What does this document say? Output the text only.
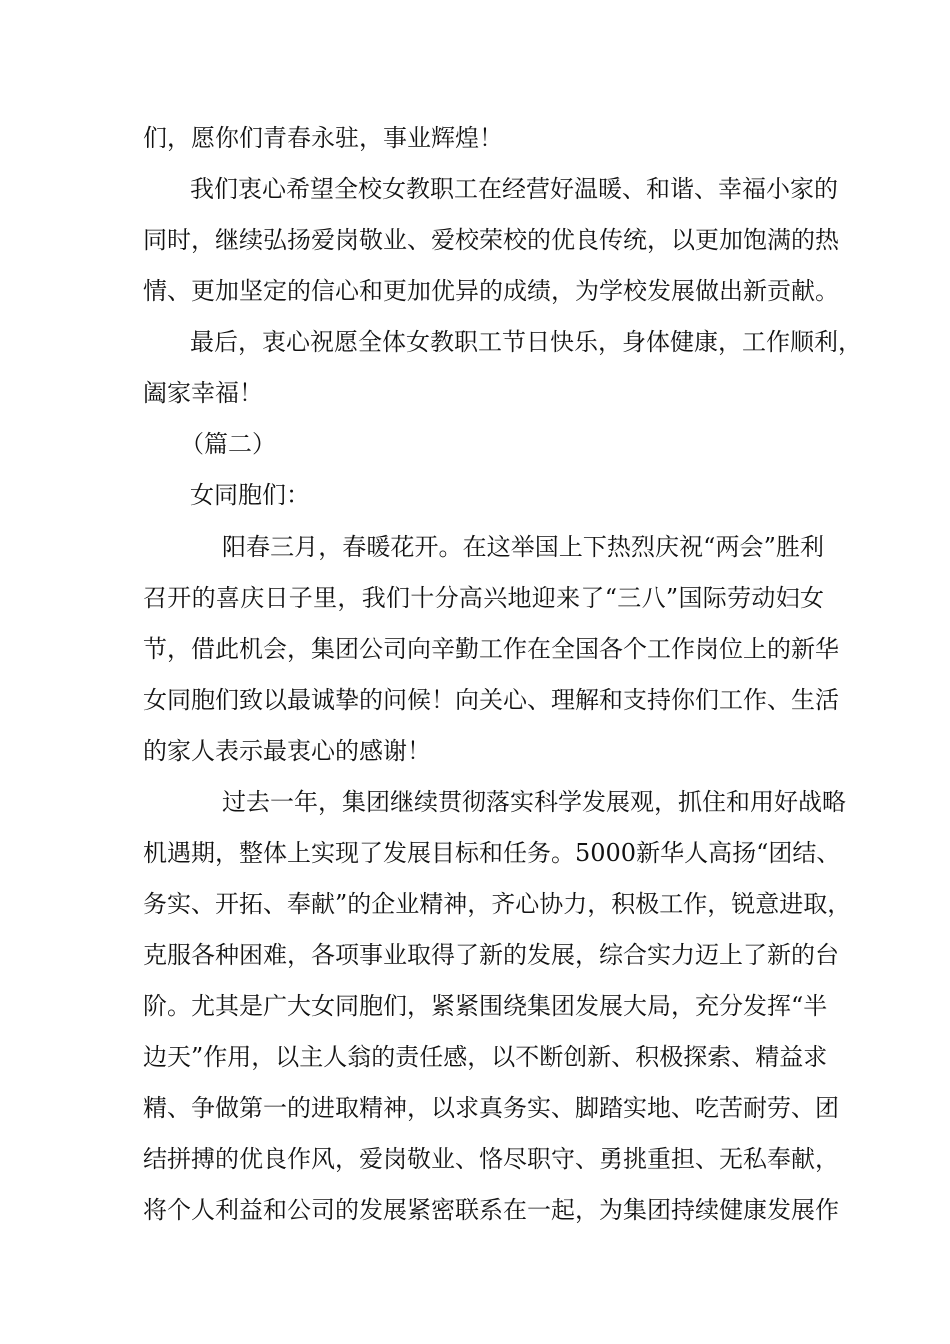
们，愿你们青春永驻，事业辉煌！
我们衷心希望全校女教职工在经营好温暖、和谐、幸福小家的
同时，继续弘扬爱岗敬业、爱校荣校的优良传统，以更加饱满的热
情、更加坚定的信心和更加优异的成绩，为学校发展做出新贡献。
最后，衷心祝愿全体女教职工节日快乐，身体健康，工作顺利，
阖家幸福！
（篇二）
女同胞们：
阳春三月，春暖花开。在这举国上下热烈庆祝“两会”胜利
召开的喜庆日子里，我们十分高兴地迎来了“三八”国际劳动妇女
节，借此机会，集团公司向辛勤工作在全国各个工作岗位上的新华
女同胞们致以最诚挚的问候！向关心、理解和支持你们工作、生活
的家人表示最衷心的感谢！
过去一年，集团继续贯彻落实科学发展观，抓住和用好战略
机遇期，整体上实现了发展目标和任务。5000新华人高扬“团结、
务实、开拓、奉献”的企业精神，齐心协力，积极工作，锐意进取，
克服各种困难，各项事业取得了新的发展，综合实力迈上了新的台
阶。尤其是广大女同胞们，紧紧围绕集团发展大局，充分发挥“半
边天”作用，以主人翁的责任感，以不断创新、积极探索、精益求
精、争做第一的进取精神，以求真务实、脚踏实地、吃苦耐劳、团
结拼搏的优良作风，爱岗敬业、恪尽职守、勇挑重担、无私奉献，
将个人利益和公司的发展紧密联系在一起，为集团持续健康发展作
